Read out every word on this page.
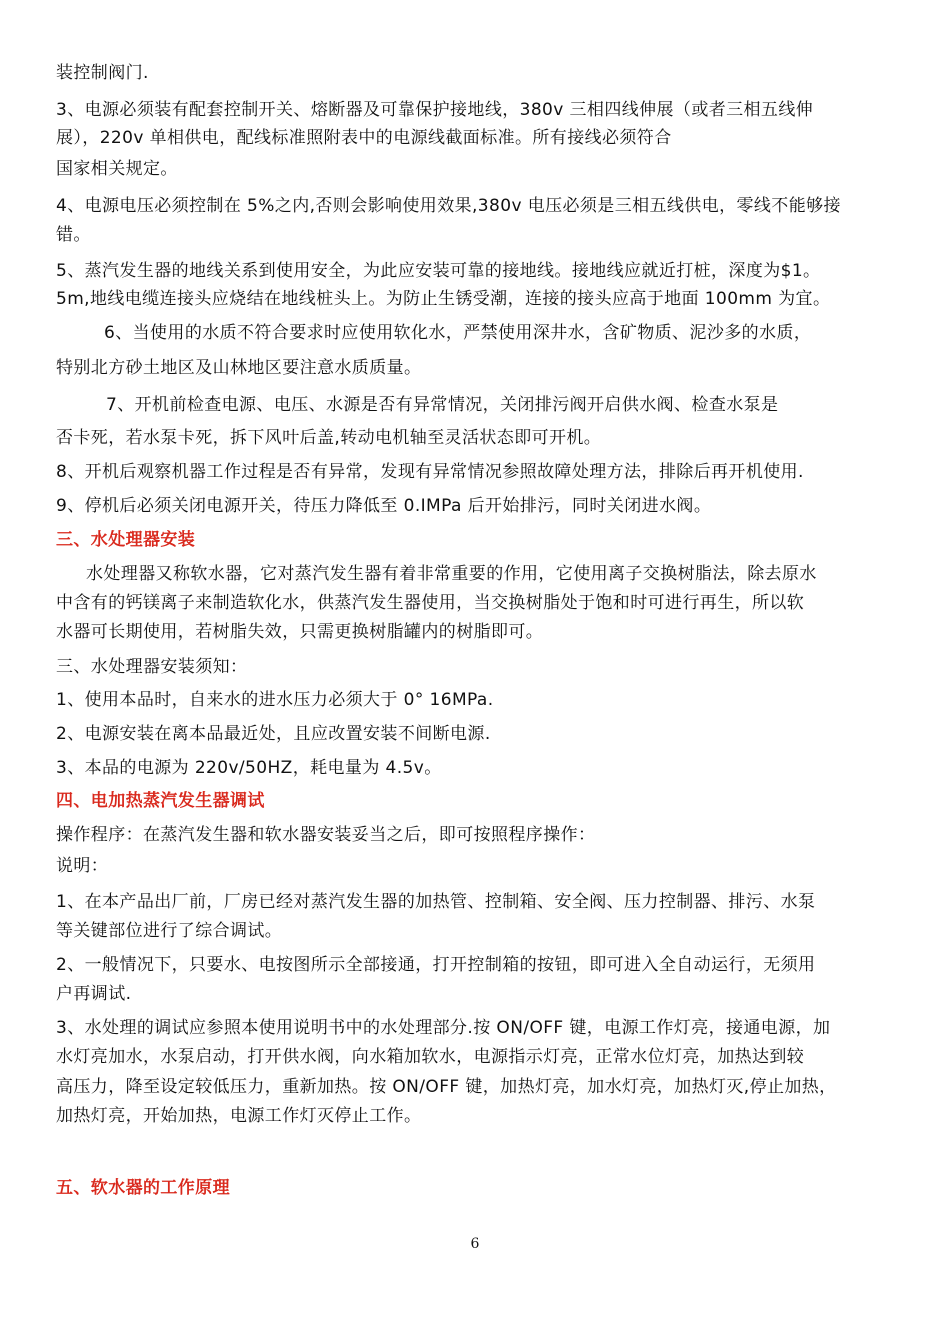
装控制阀门.
3、电源必须装有配套控制开关、熔断器及可靠保护接地线，380v 三相四线伸展（或者三相五线伸
展），220v 单相供电，配线标准照附表中的电源线截面标准。所有接线必须符合
国家相关规定。
4、电源电压必须控制在 5%之内,否则会影响使用效果,380v 电压必须是三相五线供电，零线不能够接
错。
5、蒸汽发生器的地线关系到使用安全，为此应安装可靠的接地线。接地线应就近打桩，深度为$1。
5m,地线电缆连接头应烧结在地线桩头上。为防止生锈受潮，连接的接头应高于地面 100mm 为宜。
6、当使用的水质不符合要求时应使用软化水，严禁使用深井水，含矿物质、泥沙多的水质，
特别北方砂土地区及山林地区要注意水质质量。
7、开机前检查电源、电压、水源是否有异常情况，关闭排污阀开启供水阀、检查水泵是
否卡死，若水泵卡死，拆下风叶后盖,转动电机轴至灵活状态即可开机。
8、开机后观察机器工作过程是否有异常，发现有异常情况参照故障处理方法，排除后再开机使用.
9、停机后必须关闭电源开关，待压力降低至 0.IMPa 后开始排污，同时关闭进水阀。
三、水处理器安装
水处理器又称软水器，它对蒸汽发生器有着非常重要的作用，它使用离子交换树脂法，除去原水
中含有的钙镁离子来制造软化水，供蒸汽发生器使用，当交换树脂处于饱和时可进行再生，所以软
水器可长期使用，若树脂失效，只需更换树脂罐内的树脂即可。
三、水处理器安装须知：
1、使用本品时，自来水的进水压力必须大于 0° 16MPa.
2、电源安装在离本品最近处，且应改置安装不间断电源.
3、本品的电源为 220v/50HZ，耗电量为 4.5v。
四、电加热蒸汽发生器调试
操作程序：在蒸汽发生器和软水器安装妥当之后，即可按照程序操作：
说明：
1、在本产品出厂前，厂房已经对蒸汽发生器的加热管、控制箱、安全阀、压力控制器、排污、水泵
等关键部位进行了综合调试。
2、一般情况下，只要水、电按图所示全部接通，打开控制箱的按钮，即可进入全自动运行，无须用
户再调试.
3、水处理的调试应参照本使用说明书中的水处理部分.按 ON/OFF 键，电源工作灯亮，接通电源，加
水灯亮加水，水泵启动，打开供水阀，向水箱加软水，电源指示灯亮，正常水位灯亮，加热达到较
高压力，降至设定较低压力，重新加热。按 ON/OFF 键，加热灯亮，加水灯亮，加热灯灭,停止加热，
加热灯亮，开始加热，电源工作灯灭停止工作。
五、软水器的工作原理
6
